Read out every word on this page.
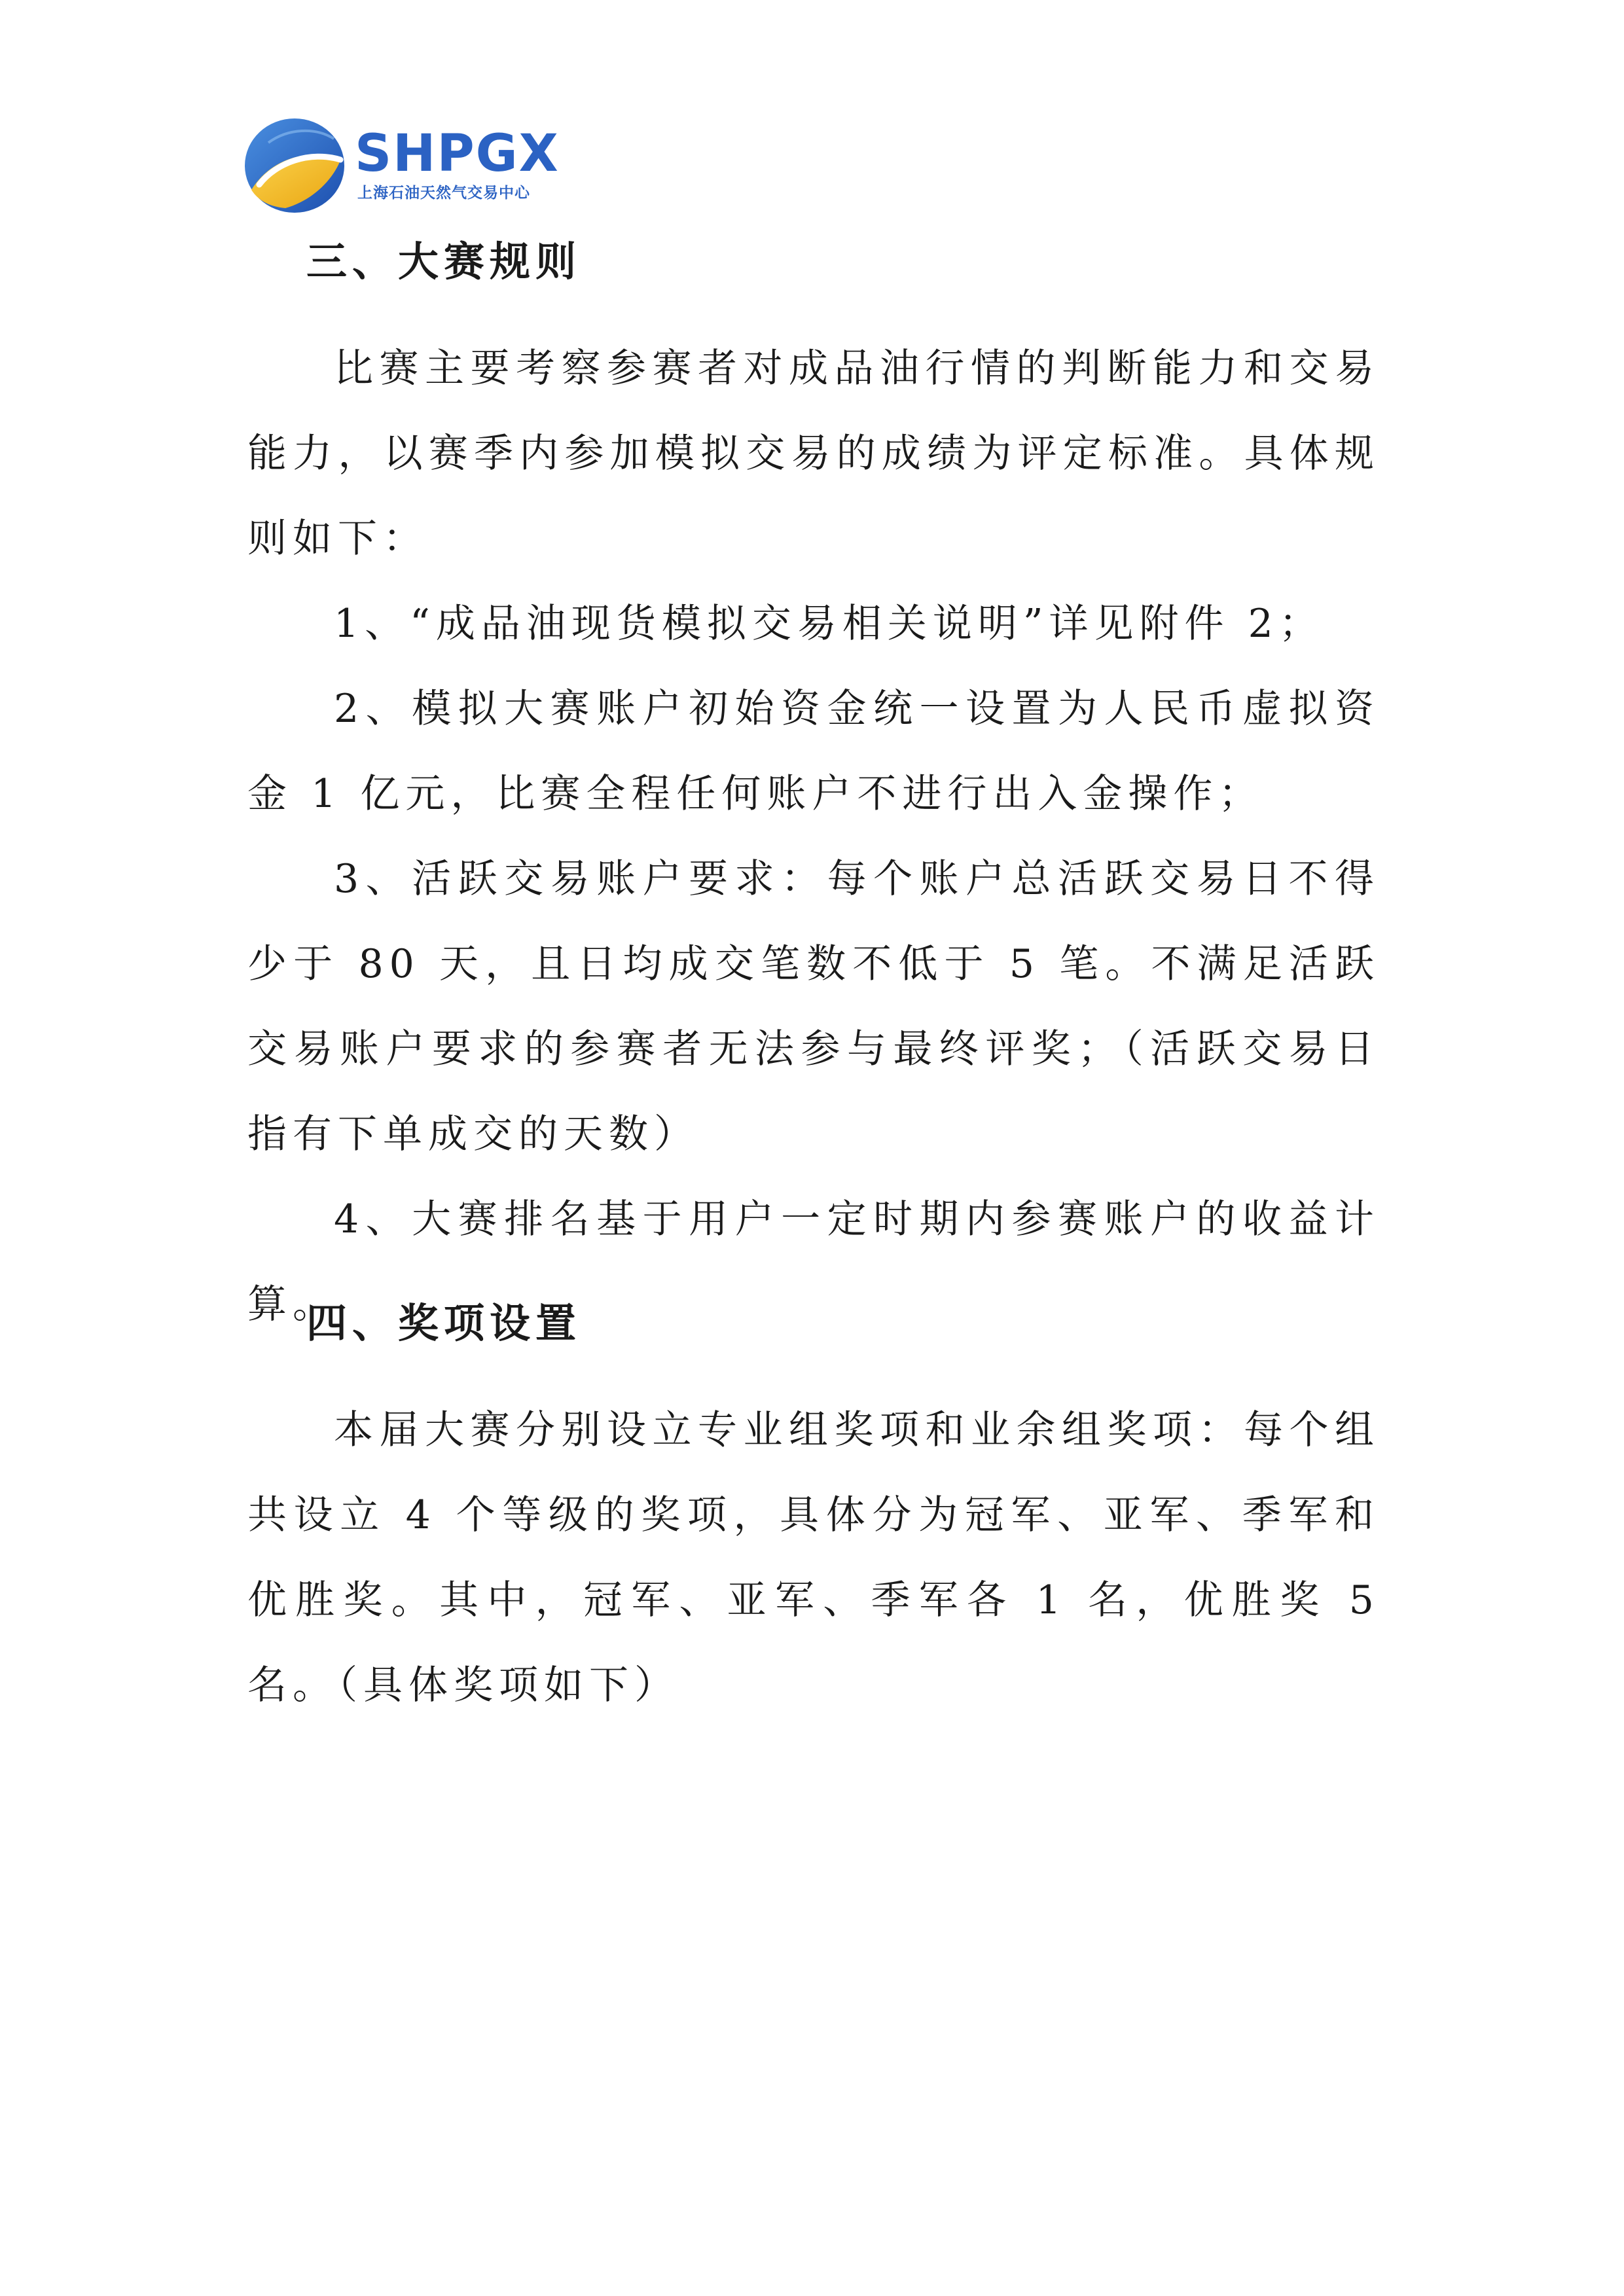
SHPGX
上海石油天然气交易中心
三、大赛规则
比赛主要考察参赛者对成品油行情的判断能力和交易能力，以赛季内参加模拟交易的成绩为评定标准。具体规则如下：
1、“成品油现货模拟交易相关说明”详见附件 2；
2、模拟大赛账户初始资金统一设置为人民币虚拟资金 1 亿元，比赛全程任何账户不进行出入金操作；
3、活跃交易账户要求：每个账户总活跃交易日不得少于 80 天，且日均成交笔数不低于 5 笔。不满足活跃交易账户要求的参赛者无法参与最终评奖；（活跃交易日指有下单成交的天数）
4、大赛排名基于用户一定时期内参赛账户的收益计算。
四、奖项设置
本届大赛分别设立专业组奖项和业余组奖项：每个组共设立 4 个等级的奖项，具体分为冠军、亚军、季军和优胜奖。其中，冠军、亚军、季军各 1 名，优胜奖 5 名。（具体奖项如下）
